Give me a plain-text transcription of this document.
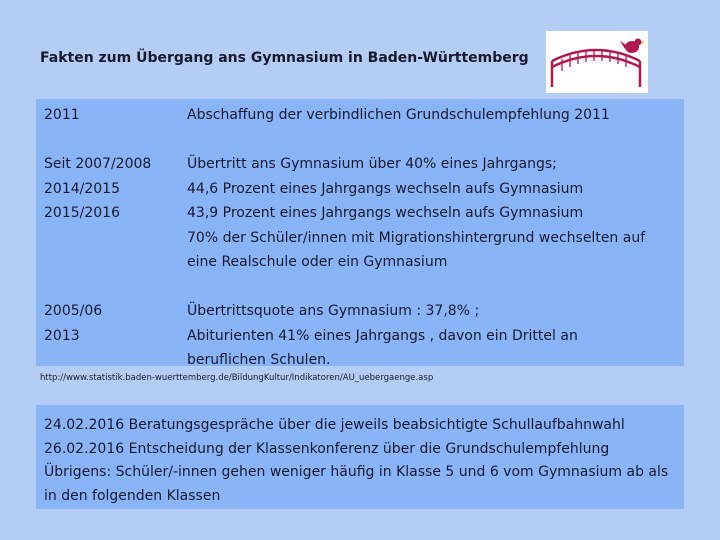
Fakten zum Übergang ans Gymnasium in Baden-Württemberg
2011	Abschaffung der verbindlichen Grundschulempfehlung 2011
Seit 2007/2008
2014/2015
2015/2016
Übertritt ans Gymnasium über 40% eines Jahrgangs;
44,6 Prozent eines Jahrgangs wechseln aufs Gymnasium
43,9 Prozent eines Jahrgangs wechseln aufs Gymnasium
70% der Schüler/innen mit Migrationshintergrund wechselten auf eine Realschule oder ein Gymnasium
2005/06
2013
Übertrittsquote ans Gymnasium : 37,8% ;
Abiturienten 41% eines Jahrgangs , davon ein Drittel an beruflichen Schulen.
http://www.statistik.baden-wuerttemberg.de/BildungKultur/Indikatoren/AU_uebergaenge.asp
24.02.2016 Beratungsgespräche über die jeweils beabsichtigte Schullaufbahnwahl
26.02.2016 Entscheidung der Klassenkonferenz über die Grundschulempfehlung
Übrigens: Schüler/-innen gehen weniger häufig in Klasse 5 und 6 vom Gymnasium ab als in den folgenden Klassen
